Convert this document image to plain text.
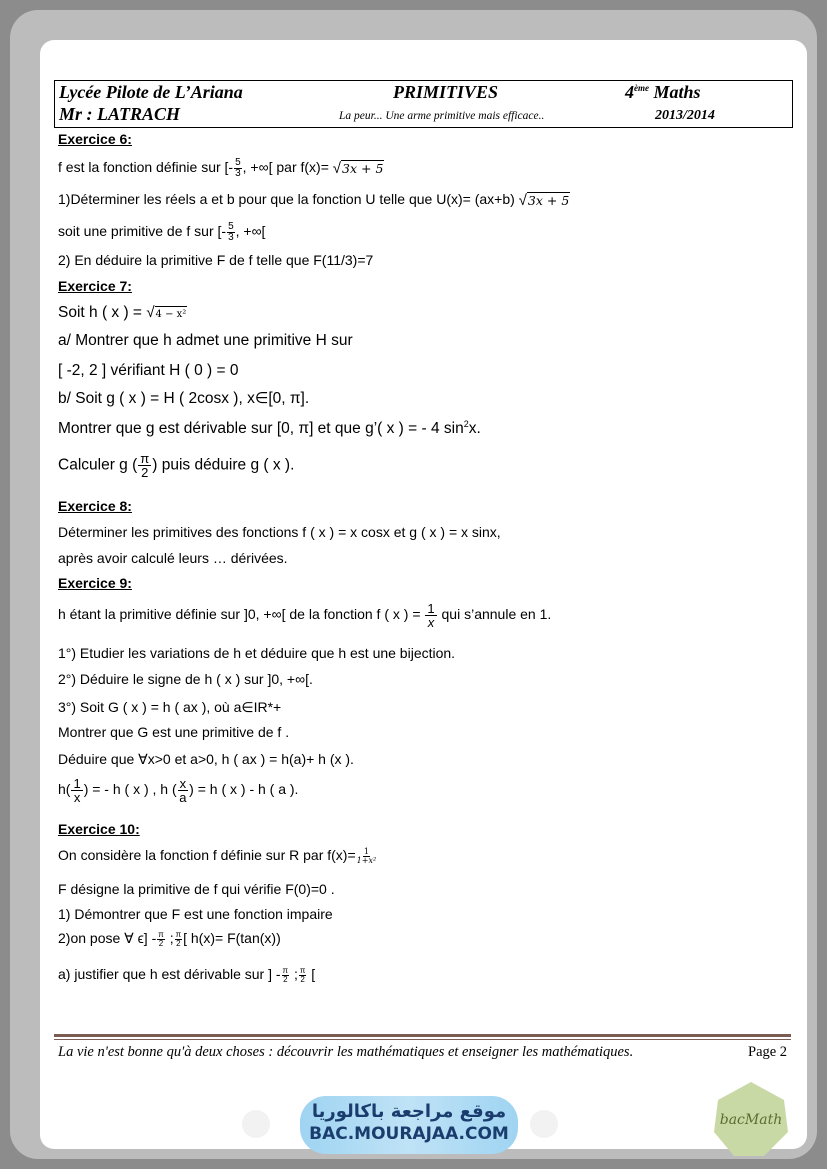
Lycée Pilote de L’Ariana
Mr : LATRACH
PRIMITIVES
La peur... Une arme primitive mais efficace..
4ème Maths
2013/2014
Exercice 6:
f est la fonction définie sur [- $\frac{5}{3}$ , +∞[ par f(x)= √3x + 5
1)Déterminer les réels a et b pour que la fonction U telle que U(x)= (ax+b) √3x + 5
soit une primitive de f sur [- $\frac{5}{3}$ , +∞[
2) En déduire la primitive F de f telle que F(11/3)=7
Exercice 7:
Soit h ( x ) = √4 − x²
a/ Montrer que h admet une primitive H sur
[ -2, 2 ] vérifiant H ( 0 ) = 0
b/ Soit g ( x ) = H ( 2cosx ), x∈[0, π].
Montrer que g est dérivable sur [0, π] et que g’( x ) = - 4 $\sin^2x$.
Calculer g ( $\frac{\pi}{2}$ ) puis déduire g ( x ).
Exercice 8:
Déterminer les primitives des fonctions f ( x ) = x cosx et g ( x ) = x sinx,
après avoir calculé leurs … dérivées.
Exercice 9:
h étant la primitive définie sur ]0, +∞[ de la fonction f ( x ) = $\frac{1}{x}$ qui s’annule en 1.
1°) Etudier les variations de h et déduire que h est une bijection.
2°) Déduire le signe de h ( x ) sur ]0, +∞[.
3°) Soit G ( x ) = h ( ax ), où a∈IR*+
Montrer que G est une primitive de f .
Déduire que ∀x>0 et a>0, h ( ax ) = h(a)+ h (x ).
$h( \frac{1}{x}$ ) = - h ( x ) , h ( $\frac{x}{a}$ ) = h ( x ) - h ( a ).
Exercice 10:
On considère la fonction f définie sur R par $f(x)= \frac{1}{\text{1+x²}}$
F désigne la primitive de f qui vérifie F(0)=0 .
1) Démontrer que F est une fonction impaire
2)on pose ∀ $\epsilon] - \frac{\pi}{2}$ ; $\frac{\pi}{2}$ [ h(x)= F(tan(x))
a) justifier que h est dérivable sur ] - $\frac{\pi}{2}$ ; $\frac{\pi}{2}$ [
La vie n'est bonne qu'à deux choses : découvrir les mathématiques et enseigner les mathématiques.	Page 2
موقع مراجعة باكالوريا
BAC.MOURAJAA.COM
bacMath
